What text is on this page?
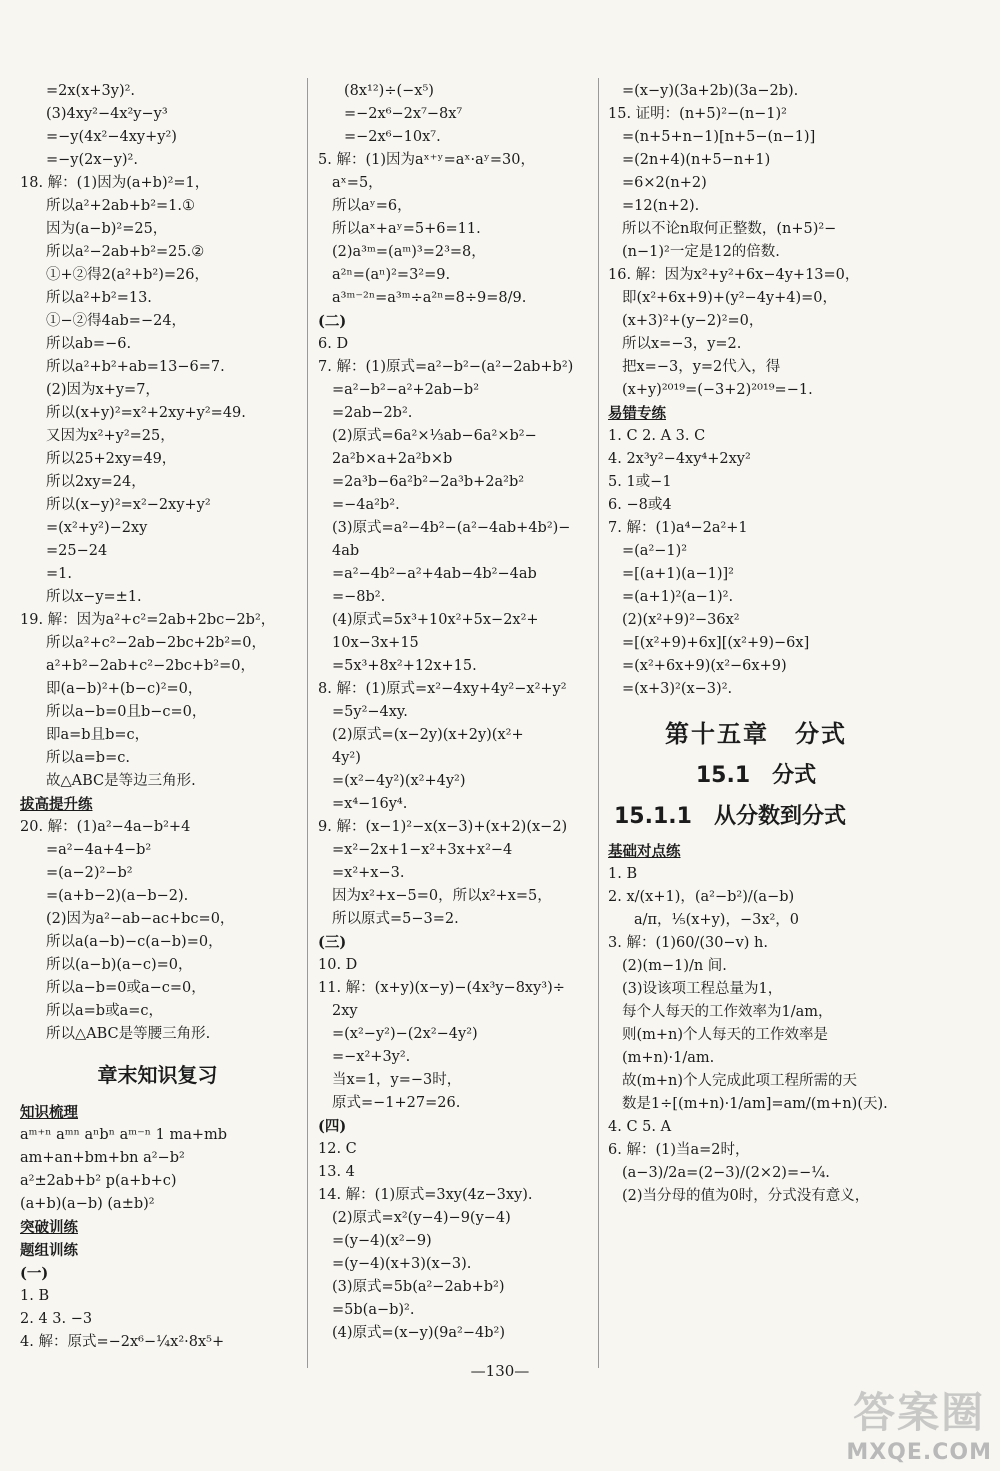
=2x(x+3y)².
(3)4xy²−4x²y−y³
=−y(4x²−4xy+y²)
=−y(2x−y)².
18. 解：(1)因为(a+b)²=1，
所以a²+2ab+b²=1.①
因为(a−b)²=25，
所以a²−2ab+b²=25.②
①+②得2(a²+b²)=26，
所以a²+b²=13.
①−②得4ab=−24，
所以ab=−6.
所以a²+b²+ab=13−6=7.
(2)因为x+y=7，
所以(x+y)²=x²+2xy+y²=49.
又因为x²+y²=25，
所以25+2xy=49，
所以2xy=24，
所以(x−y)²=x²−2xy+y²
=(x²+y²)−2xy
=25−24
=1.
所以x−y=±1.
19. 解：因为a²+c²=2ab+2bc−2b²，
所以a²+c²−2ab−2bc+2b²=0，
a²+b²−2ab+c²−2bc+b²=0，
即(a−b)²+(b−c)²=0，
所以a−b=0且b−c=0，
即a=b且b=c，
所以a=b=c.
故△ABC是等边三角形.
拔高提升练
20. 解：(1)a²−4a−b²+4
=a²−4a+4−b²
=(a−2)²−b²
=(a+b−2)(a−b−2).
(2)因为a²−ab−ac+bc=0，
所以a(a−b)−c(a−b)=0，
所以(a−b)(a−c)=0，
所以a−b=0或a−c=0，
所以a=b或a=c，
所以△ABC是等腰三角形.
章末知识复习
知识梳理
aᵐ⁺ⁿ aᵐⁿ aⁿbⁿ aᵐ⁻ⁿ 1 ma+mb
am+an+bm+bn a²−b²
a²±2ab+b² p(a+b+c)
(a+b)(a−b) (a±b)²
突破训练
题组训练
(一)
1. B
2. 4 3. −3
4. 解：原式=−2x⁶−¼x²·8x⁵+
(8x¹²)÷(−x⁵)
=−2x⁶−2x⁷−8x⁷
=−2x⁶−10x⁷.
5. 解：(1)因为aˣ⁺ʸ=aˣ·aʸ=30，
aˣ=5，
所以aʸ=6，
所以aˣ+aʸ=5+6=11.
(2)a³ᵐ=(aᵐ)³=2³=8，
a²ⁿ=(aⁿ)²=3²=9.
a³ᵐ⁻²ⁿ=a³ᵐ÷a²ⁿ=8÷9=8/9.
(二)
6. D
7. 解：(1)原式=a²−b²−(a²−2ab+b²)
=a²−b²−a²+2ab−b²
=2ab−2b².
(2)原式=6a²×⅓ab−6a²×b²−
2a²b×a+2a²b×b
=2a³b−6a²b²−2a³b+2a²b²
=−4a²b².
(3)原式=a²−4b²−(a²−4ab+4b²)−
4ab
=a²−4b²−a²+4ab−4b²−4ab
=−8b².
(4)原式=5x³+10x²+5x−2x²+
10x−3x+15
=5x³+8x²+12x+15.
8. 解：(1)原式=x²−4xy+4y²−x²+y²
=5y²−4xy.
(2)原式=(x−2y)(x+2y)(x²+
4y²)
=(x²−4y²)(x²+4y²)
=x⁴−16y⁴.
9. 解：(x−1)²−x(x−3)+(x+2)(x−2)
=x²−2x+1−x²+3x+x²−4
=x²+x−3.
因为x²+x−5=0，所以x²+x=5，
所以原式=5−3=2.
(三)
10. D
11. 解：(x+y)(x−y)−(4x³y−8xy³)÷
2xy
=(x²−y²)−(2x²−4y²)
=−x²+3y².
当x=1，y=−3时，
原式=−1+27=26.
(四)
12. C
13. 4
14. 解：(1)原式=3xy(4z−3xy).
(2)原式=x²(y−4)−9(y−4)
=(y−4)(x²−9)
=(y−4)(x+3)(x−3).
(3)原式=5b(a²−2ab+b²)
=5b(a−b)².
(4)原式=(x−y)(9a²−4b²)
=(x−y)(3a+2b)(3a−2b).
15. 证明：(n+5)²−(n−1)²
=(n+5+n−1)[n+5−(n−1)]
=(2n+4)(n+5−n+1)
=6×2(n+2)
=12(n+2).
所以不论n取何正整数，(n+5)²−
(n−1)²一定是12的倍数.
16. 解：因为x²+y²+6x−4y+13=0，
即(x²+6x+9)+(y²−4y+4)=0，
(x+3)²+(y−2)²=0，
所以x=−3，y=2.
把x=−3，y=2代入，得
(x+y)²⁰¹⁹=(−3+2)²⁰¹⁹=−1.
易错专练
1. C 2. A 3. C
4. 2x³y²−4xy⁴+2xy²
5. 1或−1
6. −8或4
7. 解：(1)a⁴−2a²+1
=(a²−1)²
=[(a+1)(a−1)]²
=(a+1)²(a−1)².
(2)(x²+9)²−36x²
=[(x²+9)+6x][(x²+9)−6x]
=(x²+6x+9)(x²−6x+9)
=(x+3)²(x−3)².
第十五章　分式
15.1　分式
15.1.1　从分数到分式
基础对点练
1. B
2. x/(x+1)，(a²−b²)/(a−b)
a/π，⅕(x+y)，−3x²，0
3. 解：(1)60/(30−v) h.
(2)(m−1)/n 间.
(3)设该项工程总量为1，
每个人每天的工作效率为1/am，
则(m+n)个人每天的工作效率是
(m+n)·1/am.
故(m+n)个人完成此项工程所需的天
数是1÷[(m+n)·1/am]=am/(m+n)(天).
4. C 5. A
6. 解：(1)当a=2时，
(a−3)/2a=(2−3)/(2×2)=−¼.
(2)当分母的值为0时，分式没有意义，
—130—
答案圈
MXQE.COM
